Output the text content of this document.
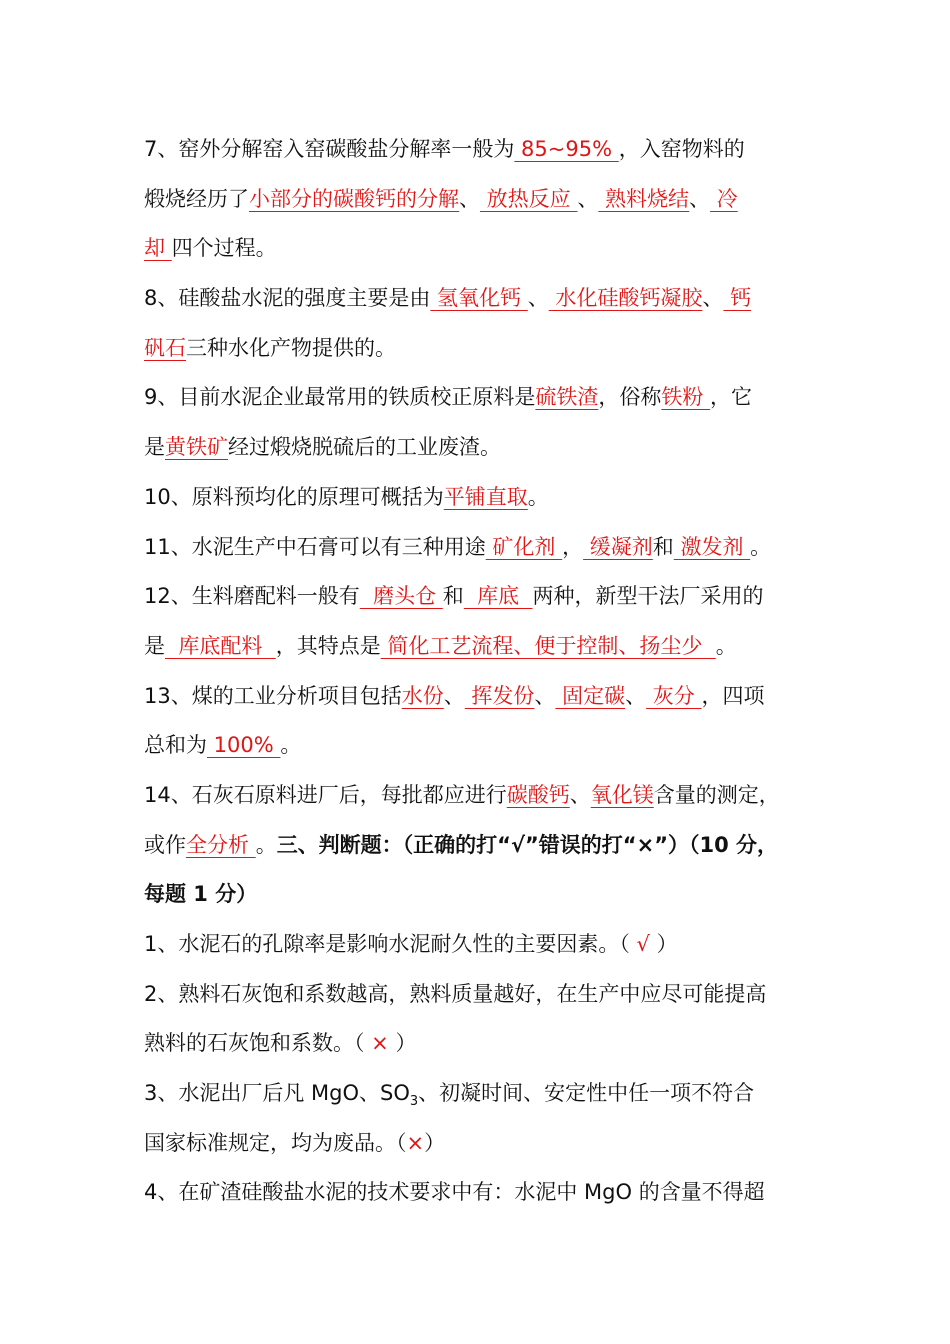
7、窑外分解窑入窑碳酸盐分解率一般为 85~95% ，入窑物料的
煅烧经历了小部分的碳酸钙的分解、 放热反应 、 熟料烧结、 冷
却 四个过程。
8、硅酸盐水泥的强度主要是由 氢氧化钙 、 水化硅酸钙凝胶、 钙
矾石三种水化产物提供的。
9、目前水泥企业最常用的铁质校正原料是硫铁渣，俗称铁粉 ，它
是黄铁矿经过煅烧脱硫后的工业废渣。
10、原料预均化的原理可概括为平铺直取。
11、水泥生产中石膏可以有三种用途 矿化剂 ， 缓凝剂和 激发剂 。
12、生料磨配料一般有  磨头仓 和  库底  两种，新型干法厂采用的
是  库底配料  ，其特点是 简化工艺流程、便于控制、扬尘少  。
13、煤的工业分析项目包括水份、 挥发份、 固定碳、 灰分 ，四项
总和为 100% 。
14、石灰石原料进厂后，每批都应进行碳酸钙、氧化镁含量的测定，
或作全分析 。三、判断题：（正确的打“√”错误的打“×”）（10 分，
每题 1 分）
1、水泥石的孔隙率是影响水泥耐久性的主要因素。（ √ ）
2、熟料石灰饱和系数越高，熟料质量越好，在生产中应尽可能提高
熟料的石灰饱和系数。（ × ）
3、水泥出厂后凡 MgO、$SO_3$、初凝时间、安定性中任一项不符合
国家标准规定，均为废品。（×）
4、在矿渣硅酸盐水泥的技术要求中有：水泥中 MgO 的含量不得超
